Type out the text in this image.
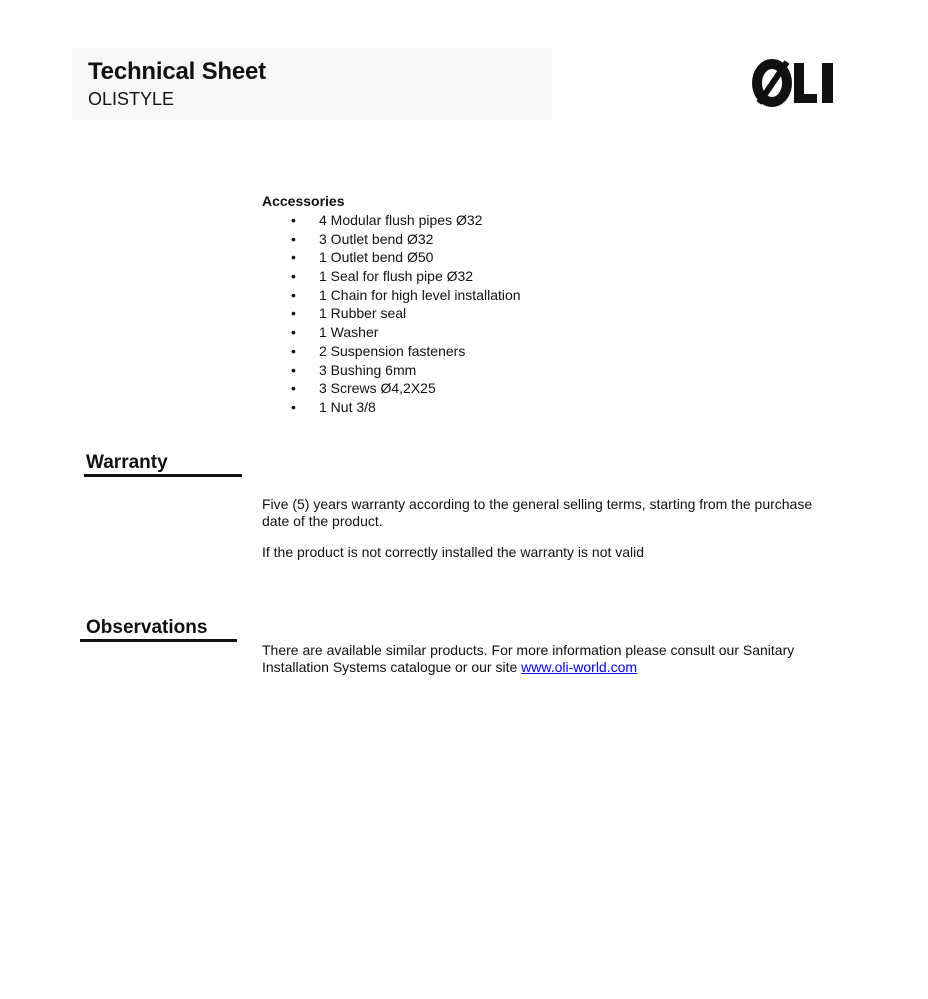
Technical Sheet
OLISTYLE
Accessories
• 4 Modular flush pipes Ø32
• 3 Outlet bend Ø32
• 1 Outlet bend Ø50
• 1 Seal for flush pipe Ø32
• 1 Chain for high level installation
• 1 Rubber seal
• 1 Washer
• 2 Suspension fasteners
• 3 Bushing 6mm
• 3 Screws Ø4,2X25
• 1 Nut 3/8
Warranty
Five (5) years warranty according to the general selling terms, starting from the purchase date of the product.
If the product is not correctly installed the warranty is not valid
Observations
There are available similar products. For more information please consult our Sanitary Installation Systems catalogue or our site www.oli-world.com
